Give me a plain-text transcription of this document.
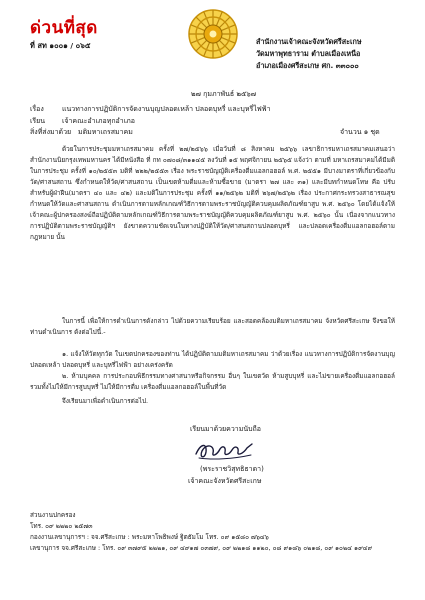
ด่วนที่สุด
ที่ สท ๑๐๐๑ / ๐๖๕	สำนักงานเจ้าคณะจังหวัดศรีสะเกษ
วัดมหาพุทธาราม ตำบลเมืองเหนือ
อำเภอเมืองศรีสะเกษ ศก. ๓๓๐๐๐
๒๗ กุมภาพันธ์ ๒๕๖๗
เรื่อง	แนวทางการปฏิบัติการจัดงานบุญปลอดเหล้า ปลอดบุหรี่ และบุหรี่ไฟฟ้า
เรียน เจ้าคณะอำเภอทุกอำเภอ
สิ่งที่ส่งมาด้วย มติมหาเถรสมาคม	จำนวน ๑ ชุด

ด้วยในการประชุมมหาเถรสมาคม ครั้งที่ ๒๗/๒๕๖๖ เมื่อวันที่ ๘ สิงหาคม ๒๕๖๖ เลขาธิการมหาเถรสมาคมเสนอว่า สำนักงานนิยกรุงเทพมหานคร ได้มีหนังสือ ที่ กท ๐๗๐๘/๓๑๑๔๕ ลงวันที่ ๑๕ พฤศจิกายน ๒๕๖๕ แจ้งว่า ตามที่ มหาเถรสมาคมได้มีมติในการประชุม ครั้งที่ ๑๐/๒๕๕๓ มติที่ ๒๒๒/๒๕๕๓ เรื่อง พระราชบัญญัติเครื่องดื่มแอลกอฮอล์ พ.ศ. ๒๕๕๑ มีบางมาตราที่เกี่ยวข้องกับวัด/ศาสนสถาน ซึ่งกำหนดให้วัด/ศาสนสถาน เป็นเขตห้ามดื่มและห้ามซื้อขาย (มาตรา ๒๗ และ ๓๑) และมีบทกำหนดโทษ คือ ปรับสำหรับผู้ฝ่าฝืน(มาตรา ๔๐ และ ๔๒) และมติในการประชุม ครั้งที่ ๑๑/๒๕๖๒ มติที่ ๒๖๗/๒๕๖๒ เรื่อง ประกาศกระทรวงสาธารณสุขกำหนดให้วัดและศาสนสถาน ดำเนินการตามหลักเกณฑ์วิธีการตามพระราชบัญญัติควบคุมผลิตภัณฑ์ยาสูบ พ.ศ. ๒๕๖๐ โดยได้แจ้งให้เจ้าคณะผู้ปกครองสงฆ์ถือปฏิบัติตามหลักเกณฑ์วิธีการตามพระราชบัญญัติควบคุมผลิตภัณฑ์ยาสูบ พ.ศ. ๒๕๖๐ นั้น เนื่องจากแนวทางการปฏิบัติตามพระราชบัญญัติฯ ยังขาดความชัดเจนในทางปฏิบัติให้วัด/ศาสนสถานปลอดบุหรี่ และปลอดเครื่องดื่มแอลกอฮอล์ตามกฎหมาย นั้น

ในการนี้ เพื่อให้การดำเนินการดังกล่าว ไปด้วยความเรียบร้อย และสอดคล้องมติมหาเถรสมาคม จังหวัดศรีสะเกษ จึงขอให้ท่านดำเนินการ ดังต่อไปนี้.-

๑. แจ้งให้วัดทุกวัด ในเขตปกครองของท่าน ได้ปฏิบัติตามมติมหาเถรสมาคม ว่าด้วยเรื่อง แนวทางการปฏิบัติการจัดงานบุญปลอดเหล้า ปลอดบุหรี่ และบุหรี่ไฟฟ้า อย่างเคร่งครัด

๒. ห้ามบุคคล การประกอบพิธีกรรมทางศาสนาหรือกิจกรรม อื่นๆ ในเขตวัด ห้ามสูบบุหรี่ และไม่ขายเครื่องดื่มแอลกอฮอล์ รวมทั้งไม่ให้มีการสูบบุหรี่ ไม่ให้มีการดื่ม เครื่องดื่มแอลกอฮอล์ในพื้นที่วัด

จึงเรียนมาเพื่อดำเนินการต่อไป.

เรียนมาด้วยความนับถือ
(พระราชวิสุทธิธาดา)
เจ้าคณะจังหวัดศรีสะเกษ
ส่วนงานปกครอง
โทร. ๐๙ ๒๒๒๐ ๒๕๗๓
กองงานเลขานุการฯ : จจ.ศรีสะเกษ : พระมหาโพธิพงษ์ ฐิตธัมโม โทร. ๐๙ ๑๕๘๐ ๗๖๔๖
เลขานุการ จจ.ศรีสะเกษ : โทร. ๐๙ ๓๗๙๕ ๒๒๒๑, ๐๙ ๔๙๑๗ ๐๓๗๙, ๐๙ ๒๒๑๘ ๑๑๒๐, ๐๘ ๙๑๘๖ ๐๒๑๘, ๐๙ ๑๐๒๔ ๑๙๔๙
